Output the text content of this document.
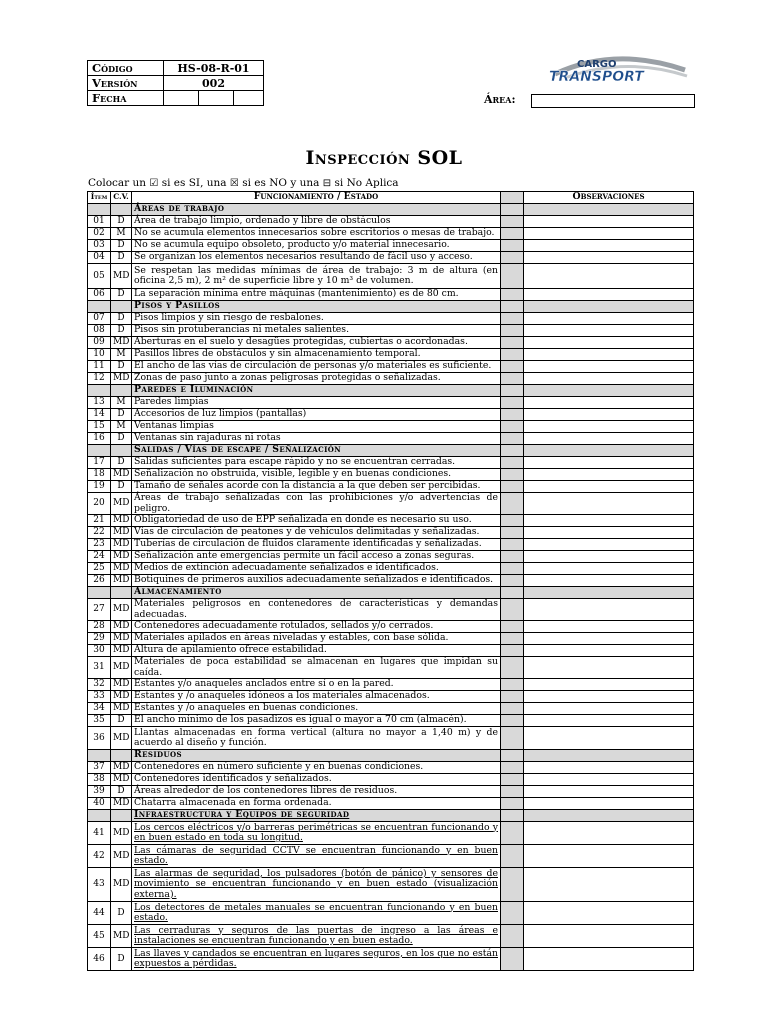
Código	HS-08-R-01		
Versión	002		
Fecha			
CARGO
TRANSPORT
Área:
Inspección SOL
Colocar un ☑ si es SI, una ☒ si es NO y una ⊟ si No Aplica
Ítem	C.V.	Funcionamiento / Estado		Observaciones
		Áreas de trabajo		
01	D	Área de trabajo limpio, ordenado y libre de obstáculos		
02	M	No se acumula elementos innecesarios sobre escritorios o mesas de trabajo.		
03	D	No se acumula equipo obsoleto, producto y/o material innecesario.		
04	D	Se organizan los elementos necesarios resultando de fácil uso y acceso.		
05	MD	Se respetan las medidas mínimas de área de trabajo: 3 m de altura (en oficina 2,5 m), 2 m² de superficie libre y 10 m³ de volumen.		
06	D	La separación mínima entre máquinas (mantenimiento) es de 80 cm.		
		Pisos y Pasillos		
07	D	Pisos limpios y sin riesgo de resbalones.		
08	D	Pisos sin protuberancias ni metales salientes.		
09	MD	Aberturas en el suelo y desagües protegidas, cubiertas o acordonadas.		
10	M	Pasillos libres de obstáculos y sin almacenamiento temporal.		
11	D	El ancho de las vías de circulación de personas y/o materiales es suficiente.		
12	MD	Zonas de paso junto a zonas peligrosas protegidas o señalizadas.		
		Paredes e Iluminación		
13	M	Paredes limpias		
14	D	Accesorios de luz limpios (pantallas)		
15	M	Ventanas limpias		
16	D	Ventanas sin rajaduras ni rotas		
		Salidas / Vías de escape / Señalización		
17	D	Salidas suficientes para escape rápido y no se encuentran cerradas.		
18	MD	Señalización no obstruida, visible, legible y en buenas condiciones.		
19	D	Tamaño de señales acorde con la distancia a la que deben ser percibidas.		
20	MD	Áreas de trabajo señalizadas con las prohibiciones y/o advertencias de peligro.		
21	MD	Obligatoriedad de uso de EPP señalizada en donde es necesario su uso.		
22	MD	Vías de circulación de peatones y de vehículos delimitadas y señalizadas.		
23	MD	Tuberías de circulación de fluidos claramente identificadas y señalizadas.		
24	MD	Señalización ante emergencias permite un fácil acceso a zonas seguras.		
25	MD	Medios de extinción adecuadamente señalizados e identificados.		
26	MD	Botiquines de primeros auxilios adecuadamente señalizados e identificados.		
		Almacenamiento		
27	MD	Materiales peligrosos en contenedores de características y demandas adecuadas.		
28	MD	Contenedores adecuadamente rotulados, sellados y/o cerrados.		
29	MD	Materiales apilados en áreas niveladas y estables, con base sólida.		
30	MD	Altura de apilamiento ofrece estabilidad.		
31	MD	Materiales de poca estabilidad se almacenan en lugares que impidan su caída.		
32	MD	Estantes y/o anaqueles anclados entre sí o en la pared.		
33	MD	Estantes y /o anaqueles idóneos a los materiales almacenados.		
34	MD	Estantes y /o anaqueles en buenas condiciones.		
35	D	El ancho mínimo de los pasadizos es igual o mayor a 70 cm (almacén).		
36	MD	Llantas almacenadas en forma vertical (altura no mayor a 1,40 m) y de acuerdo al diseño y función.		
		Residuos		
37	MD	Contenedores en número suficiente y en buenas condiciones.		
38	MD	Contenedores identificados y señalizados.		
39	D	Áreas alrededor de los contenedores libres de residuos.		
40	MD	Chatarra almacenada en forma ordenada.		
		Infraestructura y Equipos de seguridad		
41	MD	Los cercos eléctricos y/o barreras perimétricas se encuentran funcionando y en buen estado en toda su longitud.		
42	MD	Las cámaras de seguridad CCTV se encuentran funcionando y en buen estado.		
43	MD	Las alarmas de seguridad, los pulsadores (botón de pánico) y sensores de movimiento se encuentran funcionando y en buen estado (visualización externa).		
44	D	Los detectores de metales manuales se encuentran funcionando y en buen estado.		
45	MD	Las cerraduras y seguros de las puertas de ingreso a las áreas e instalaciones se encuentran funcionando y en buen estado.		
46	D	Las llaves y candados se encuentran en lugares seguros, en los que no están expuestos a pérdidas.		
